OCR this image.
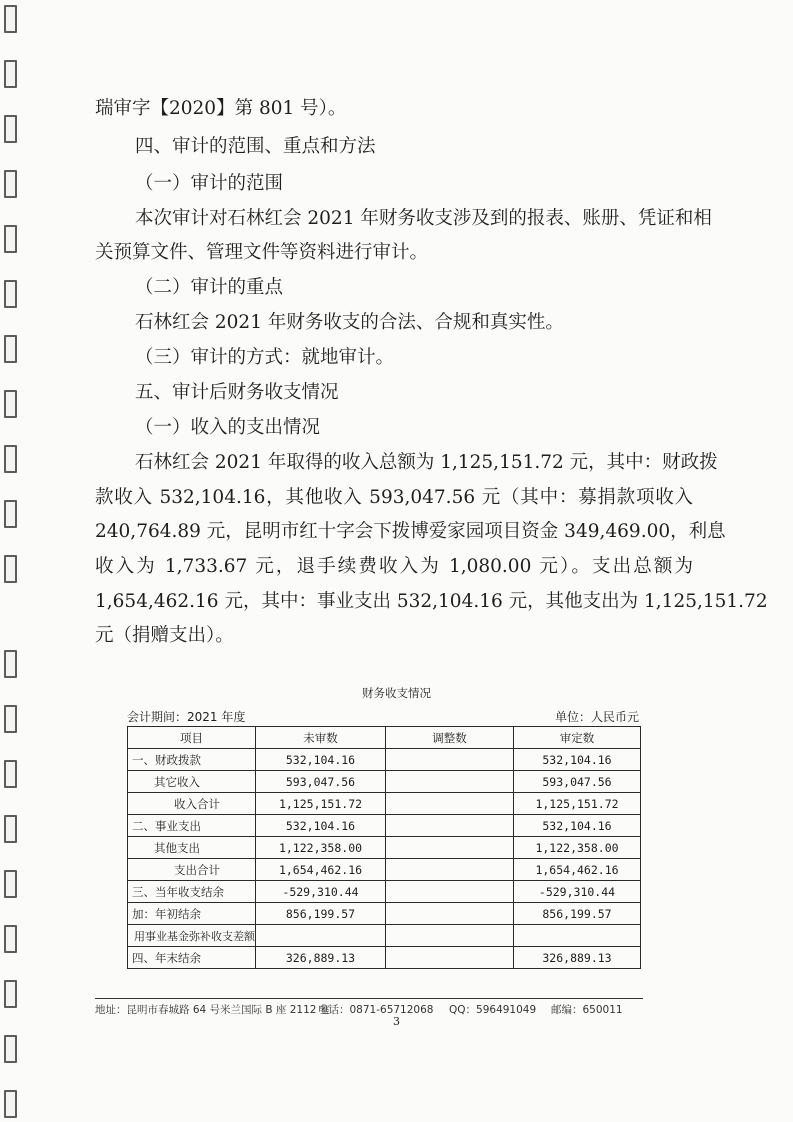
瑞审字【2020】第 801 号）。
四、审计的范围、重点和方法
（一）审计的范围
本次审计对石林红会 2021 年财务收支涉及到的报表、账册、凭证和相
关预算文件、管理文件等资料进行审计。
（二）审计的重点
石林红会 2021 年财务收支的合法、合规和真实性。
（三）审计的方式：就地审计。
五、审计后财务收支情况
（一）收入的支出情况
石林红会 2021 年取得的收入总额为 1,125,151.72 元，其中：财政拨
款收入 532,104.16，其他收入 593,047.56 元（其中：募捐款项收入
240,764.89 元，昆明市红十字会下拨博爱家园项目资金 349,469.00，利息
收入为 1,733.67 元，退手续费收入为 1,080.00 元）。支出总额为
1,654,462.16 元，其中：事业支出 532,104.16 元，其他支出为 1,125,151.72
元（捐赠支出）。
财务收支情况
会计期间：2021 年度	单位：人民币元
项目	未审数	调整数	审定数
一、财政拨款	532,104.16		532,104.16
其它收入	593,047.56		593,047.56
收入合计	1,125,151.72		1,125,151.72
二、事业支出	532,104.16		532,104.16
其他支出	1,122,358.00		1,122,358.00
支出合计	1,654,462.16		1,654,462.16
三、当年收支结余	-529,310.44		-529,310.44
加：年初结余	856,199.57		856,199.57
用事业基金弥补收支差额			
四、年末结余	326,889.13		326,889.13
地址：昆明市春城路 64 号米兰国际 B 座 2112 室
电话：0871-65712068 QQ：596491049 邮编：650011
3
